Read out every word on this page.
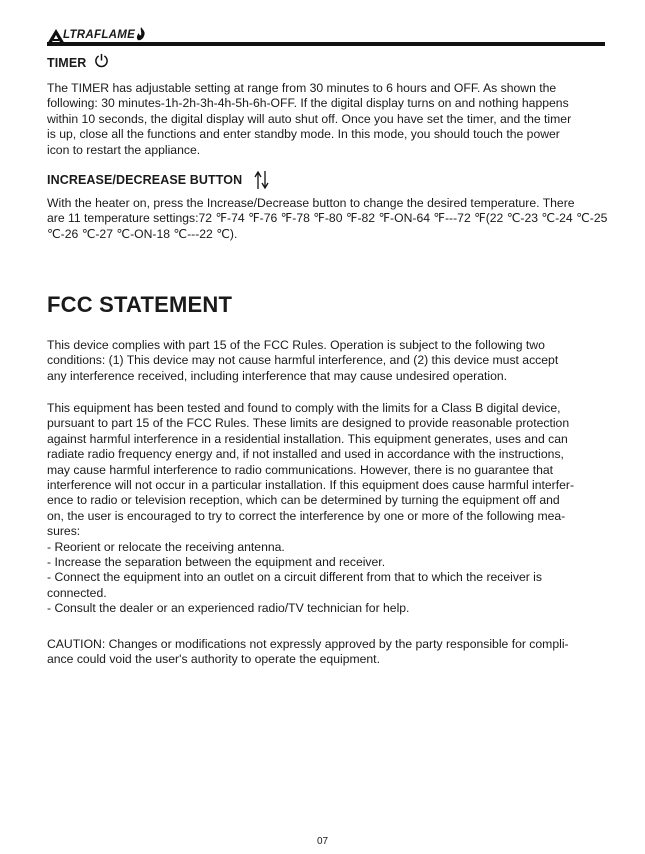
LTRAFLAME
TIMER

The TIMER has adjustable setting at range from 30 minutes to 6 hours and OFF. As shown the
following: 30 minutes-1h-2h-3h-4h-5h-6h-OFF. If the digital display turns on and nothing happens
within 10 seconds, the digital display will auto shut off. Once you have set the timer, and the timer
is up, close all the functions and enter standby mode. In this mode, you should touch the power
icon to restart the appliance.

INCREASE/DECREASE BUTTON

With the heater on, press the Increase/Decrease button to change the desired temperature. There
are 11 temperature settings:72 ℉-74 ℉-76 ℉-78 ℉-80 ℉-82 ℉-ON-64 ℉---72 ℉(22 ℃-23 ℃-24 ℃-25
℃-26 ℃-27 ℃-ON-18 ℃---22 ℃).

FCC STATEMENT

This device complies with part 15 of the FCC Rules. Operation is subject to the following two
conditions: (1) This device may not cause harmful interference, and (2) this device must accept
any interference received, including interference that may cause undesired operation.

This equipment has been tested and found to comply with the limits for a Class B digital device,
pursuant to part 15 of the FCC Rules. These limits are designed to provide reasonable protection
against harmful interference in a residential installation. This equipment generates, uses and can
radiate radio frequency energy and, if not installed and used in accordance with the instructions,
may cause harmful interference to radio communications. However, there is no guarantee that
interference will not occur in a particular installation. If this equipment does cause harmful interfer-
ence to radio or television reception, which can be determined by turning the equipment off and
on, the user is encouraged to try to correct the interference by one or more of the following mea-
sures:
- Reorient or relocate the receiving antenna.
- Increase the separation between the equipment and receiver.
- Connect the equipment into an outlet on a circuit different from that to which the receiver is
connected.
- Consult the dealer or an experienced radio/TV technician for help.

CAUTION: Changes or modifications not expressly approved by the party responsible for compli-
ance could void the user's authority to operate the equipment.

07
